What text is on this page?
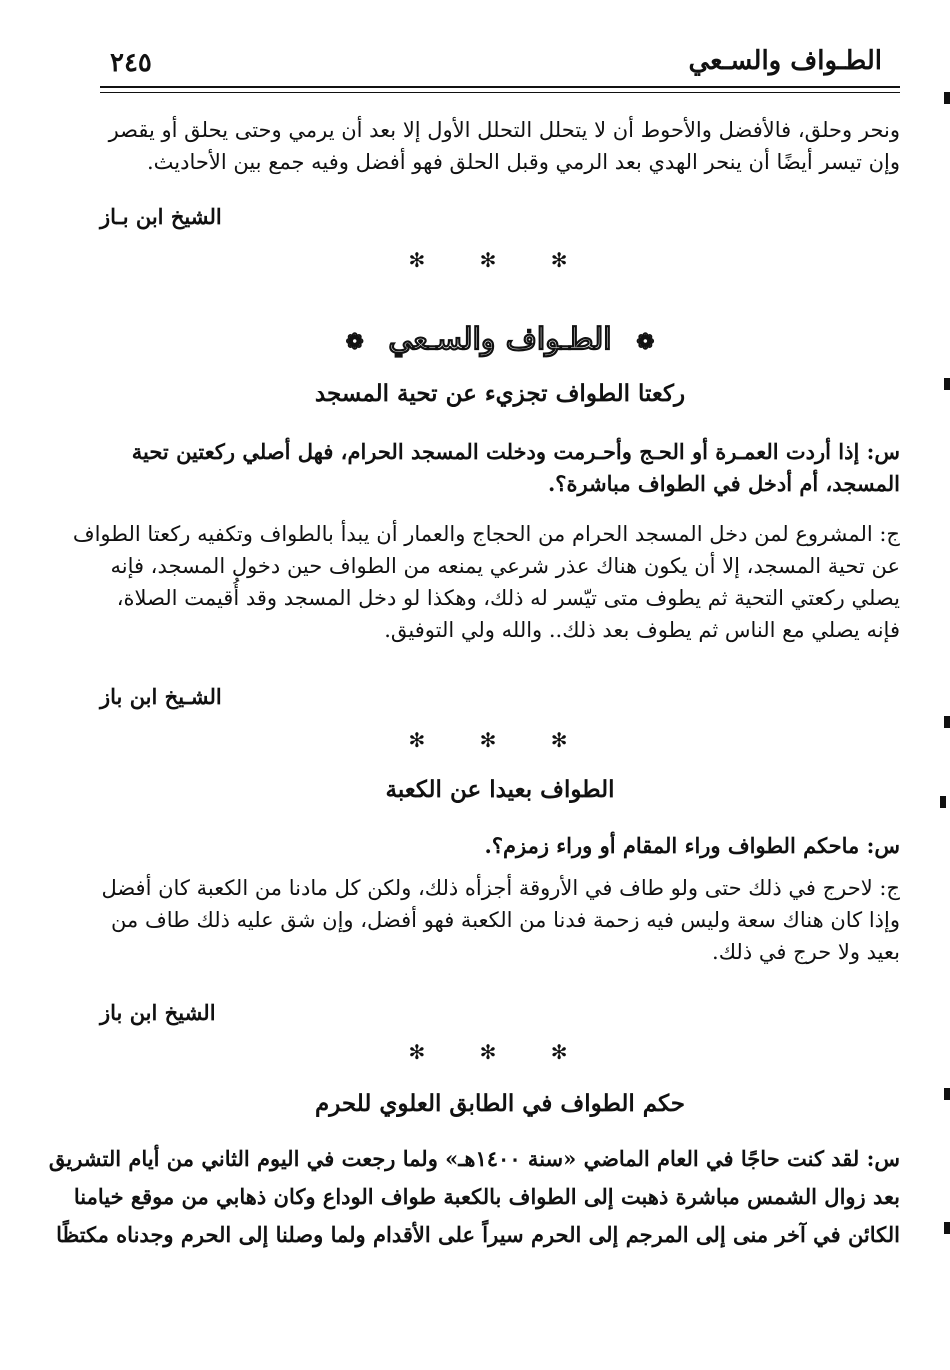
الطـواف والسـعي
٢٤٥
ونحر وحلق، فالأفضل والأحوط أن لا يتحلل التحلل الأول إلا بعد أن يرمي وحتى يحلق أو يقصر
وإن تيسر أيضًا أن ينحر الهدي بعد الرمي وقبل الحلق فهو أفضل وفيه جمع بين الأحاديث.
الشيخ ابن بـاز
✻ ✻ ✻
❁ الطـواف والسـعي ❁
ركعتا الطواف تجزيء عن تحية المسجد
س: إذا أردت العمـرة أو الحـج وأحـرمت ودخلت المسجد الحرام، فهل أصلي ركعتين تحية
المسجد، أم أدخل في الطواف مباشرة؟.
ج: المشروع لمن دخل المسجد الحرام من الحجاج والعمار أن يبدأ بالطواف وتكفيه ركعتا الطواف
عن تحية المسجد، إلا أن يكون هناك عذر شرعي يمنعه من الطواف حين دخول المسجد، فإنه
يصلي ركعتي التحية ثم يطوف متى تيّسر له ذلك، وهكذا لو دخل المسجد وقد أُقيمت الصلاة،
فإنه يصلي مع الناس ثم يطوف بعد ذلك.. والله ولي التوفيق.
الشـيخ ابن باز
✻ ✻ ✻
الطواف بعيدا عن الكعبة
س: ماحكم الطواف وراء المقام أو وراء زمزم؟.
ج: لاحرج في ذلك حتى ولو طاف في الأروقة أجزأه ذلك، ولكن كل مادنا من الكعبة كان أفضل
وإذا كان هناك سعة وليس فيه زحمة فدنا من الكعبة فهو أفضل، وإن شق عليه ذلك طاف من
بعيد ولا حرج في ذلك.
الشيخ ابن باز
✻ ✻ ✻
حكم الطواف في الطابق العلوي للحرم
س: لقد كنت حاجًا في العام الماضي «سنة ١٤٠٠هـ» ولما رجعت في اليوم الثاني من أيام التشريق
بعد زوال الشمس مباشرة ذهبت إلى الطواف بالكعبة طواف الوداع وكان ذهابي من موقع خيامنا
الكائن في آخر منى إلى المرجم إلى الحرم سيراً على الأقدام ولما وصلنا إلى الحرم وجدناه مكتظًا
